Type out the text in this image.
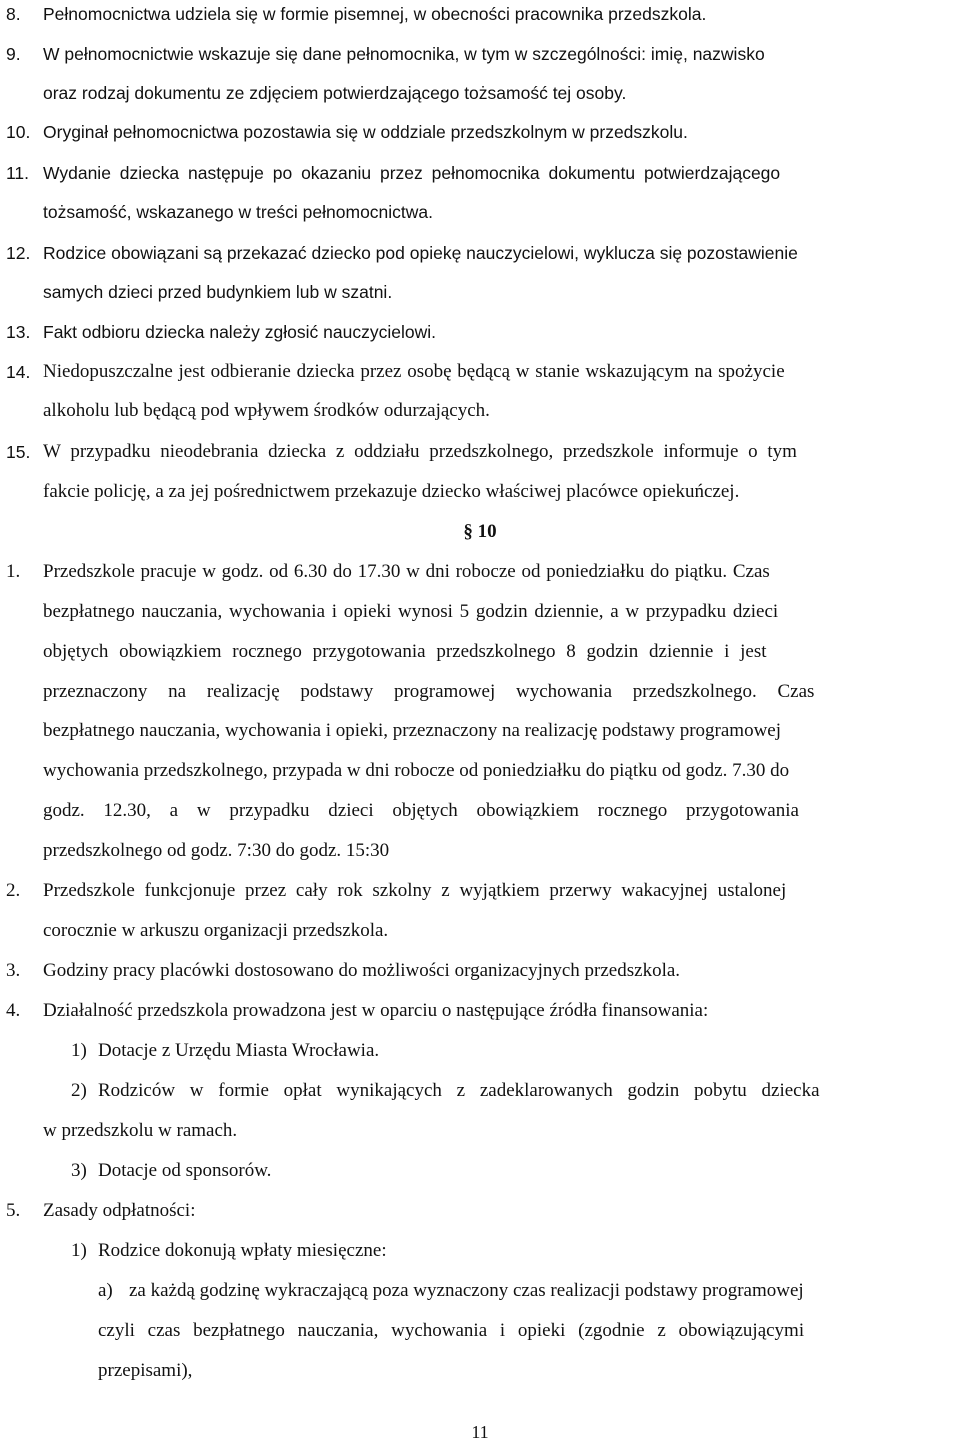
8. Pełnomocnictwa udziela się w formie pisemnej, w obecności pracownika przedszkola.
9. W pełnomocnictwie wskazuje się dane pełnomocnika, w tym w szczególności: imię, nazwisko
oraz rodzaj dokumentu ze zdjęciem potwierdzającego tożsamość tej osoby.
10. Oryginał pełnomocnictwa pozostawia się w oddziale przedszkolnym w przedszkolu.
11. Wydanie dziecka następuje po okazaniu przez pełnomocnika dokumentu potwierdzającego
tożsamość, wskazanego w treści pełnomocnictwa.
12. Rodzice obowiązani są przekazać dziecko pod opiekę nauczycielowi, wyklucza się pozostawienie
samych dzieci przed budynkiem lub w szatni.
13. Fakt odbioru dziecka należy zgłosić nauczycielowi.
14. Niedopuszczalne jest odbieranie dziecka przez osobę będącą w stanie wskazującym na spożycie
alkoholu lub będącą pod wpływem środków odurzających.
15. W przypadku nieodebrania dziecka z oddziału przedszkolnego, przedszkole informuje o tym
fakcie policję, a za jej pośrednictwem przekazuje dziecko właściwej placówce opiekuńczej.
§ 10
1. Przedszkole pracuje w godz. od 6.30 do 17.30 w dni robocze od poniedziałku do piątku. Czas
bezpłatnego nauczania, wychowania i opieki wynosi 5 godzin dziennie, a w przypadku dzieci
objętych obowiązkiem rocznego przygotowania przedszkolnego 8 godzin dziennie i jest
przeznaczony na realizację podstawy programowej wychowania przedszkolnego. Czas
bezpłatnego nauczania, wychowania i opieki, przeznaczony na realizację podstawy programowej
wychowania przedszkolnego, przypada w dni robocze od poniedziałku do piątku od godz. 7.30 do
godz. 12.30, a w przypadku dzieci objętych obowiązkiem rocznego przygotowania
przedszkolnego od godz. 7:30 do godz. 15:30
2. Przedszkole funkcjonuje przez cały rok szkolny z wyjątkiem przerwy wakacyjnej ustalonej
corocznie w arkuszu organizacji przedszkola.
3. Godziny pracy placówki dostosowano do możliwości organizacyjnych przedszkola.
4. Działalność przedszkola prowadzona jest w oparciu o następujące źródła finansowania:
1) Dotacje z Urzędu Miasta Wrocławia.
2) Rodziców w formie opłat wynikających z zadeklarowanych godzin pobytu dziecka
w przedszkolu w ramach.
3) Dotacje od sponsorów.
5. Zasady odpłatności:
1) Rodzice dokonują wpłaty miesięczne:
a) za każdą godzinę wykraczającą poza wyznaczony czas realizacji podstawy programowej
czyli czas bezpłatnego nauczania, wychowania i opieki (zgodnie z obowiązującymi
przepisami),
11
